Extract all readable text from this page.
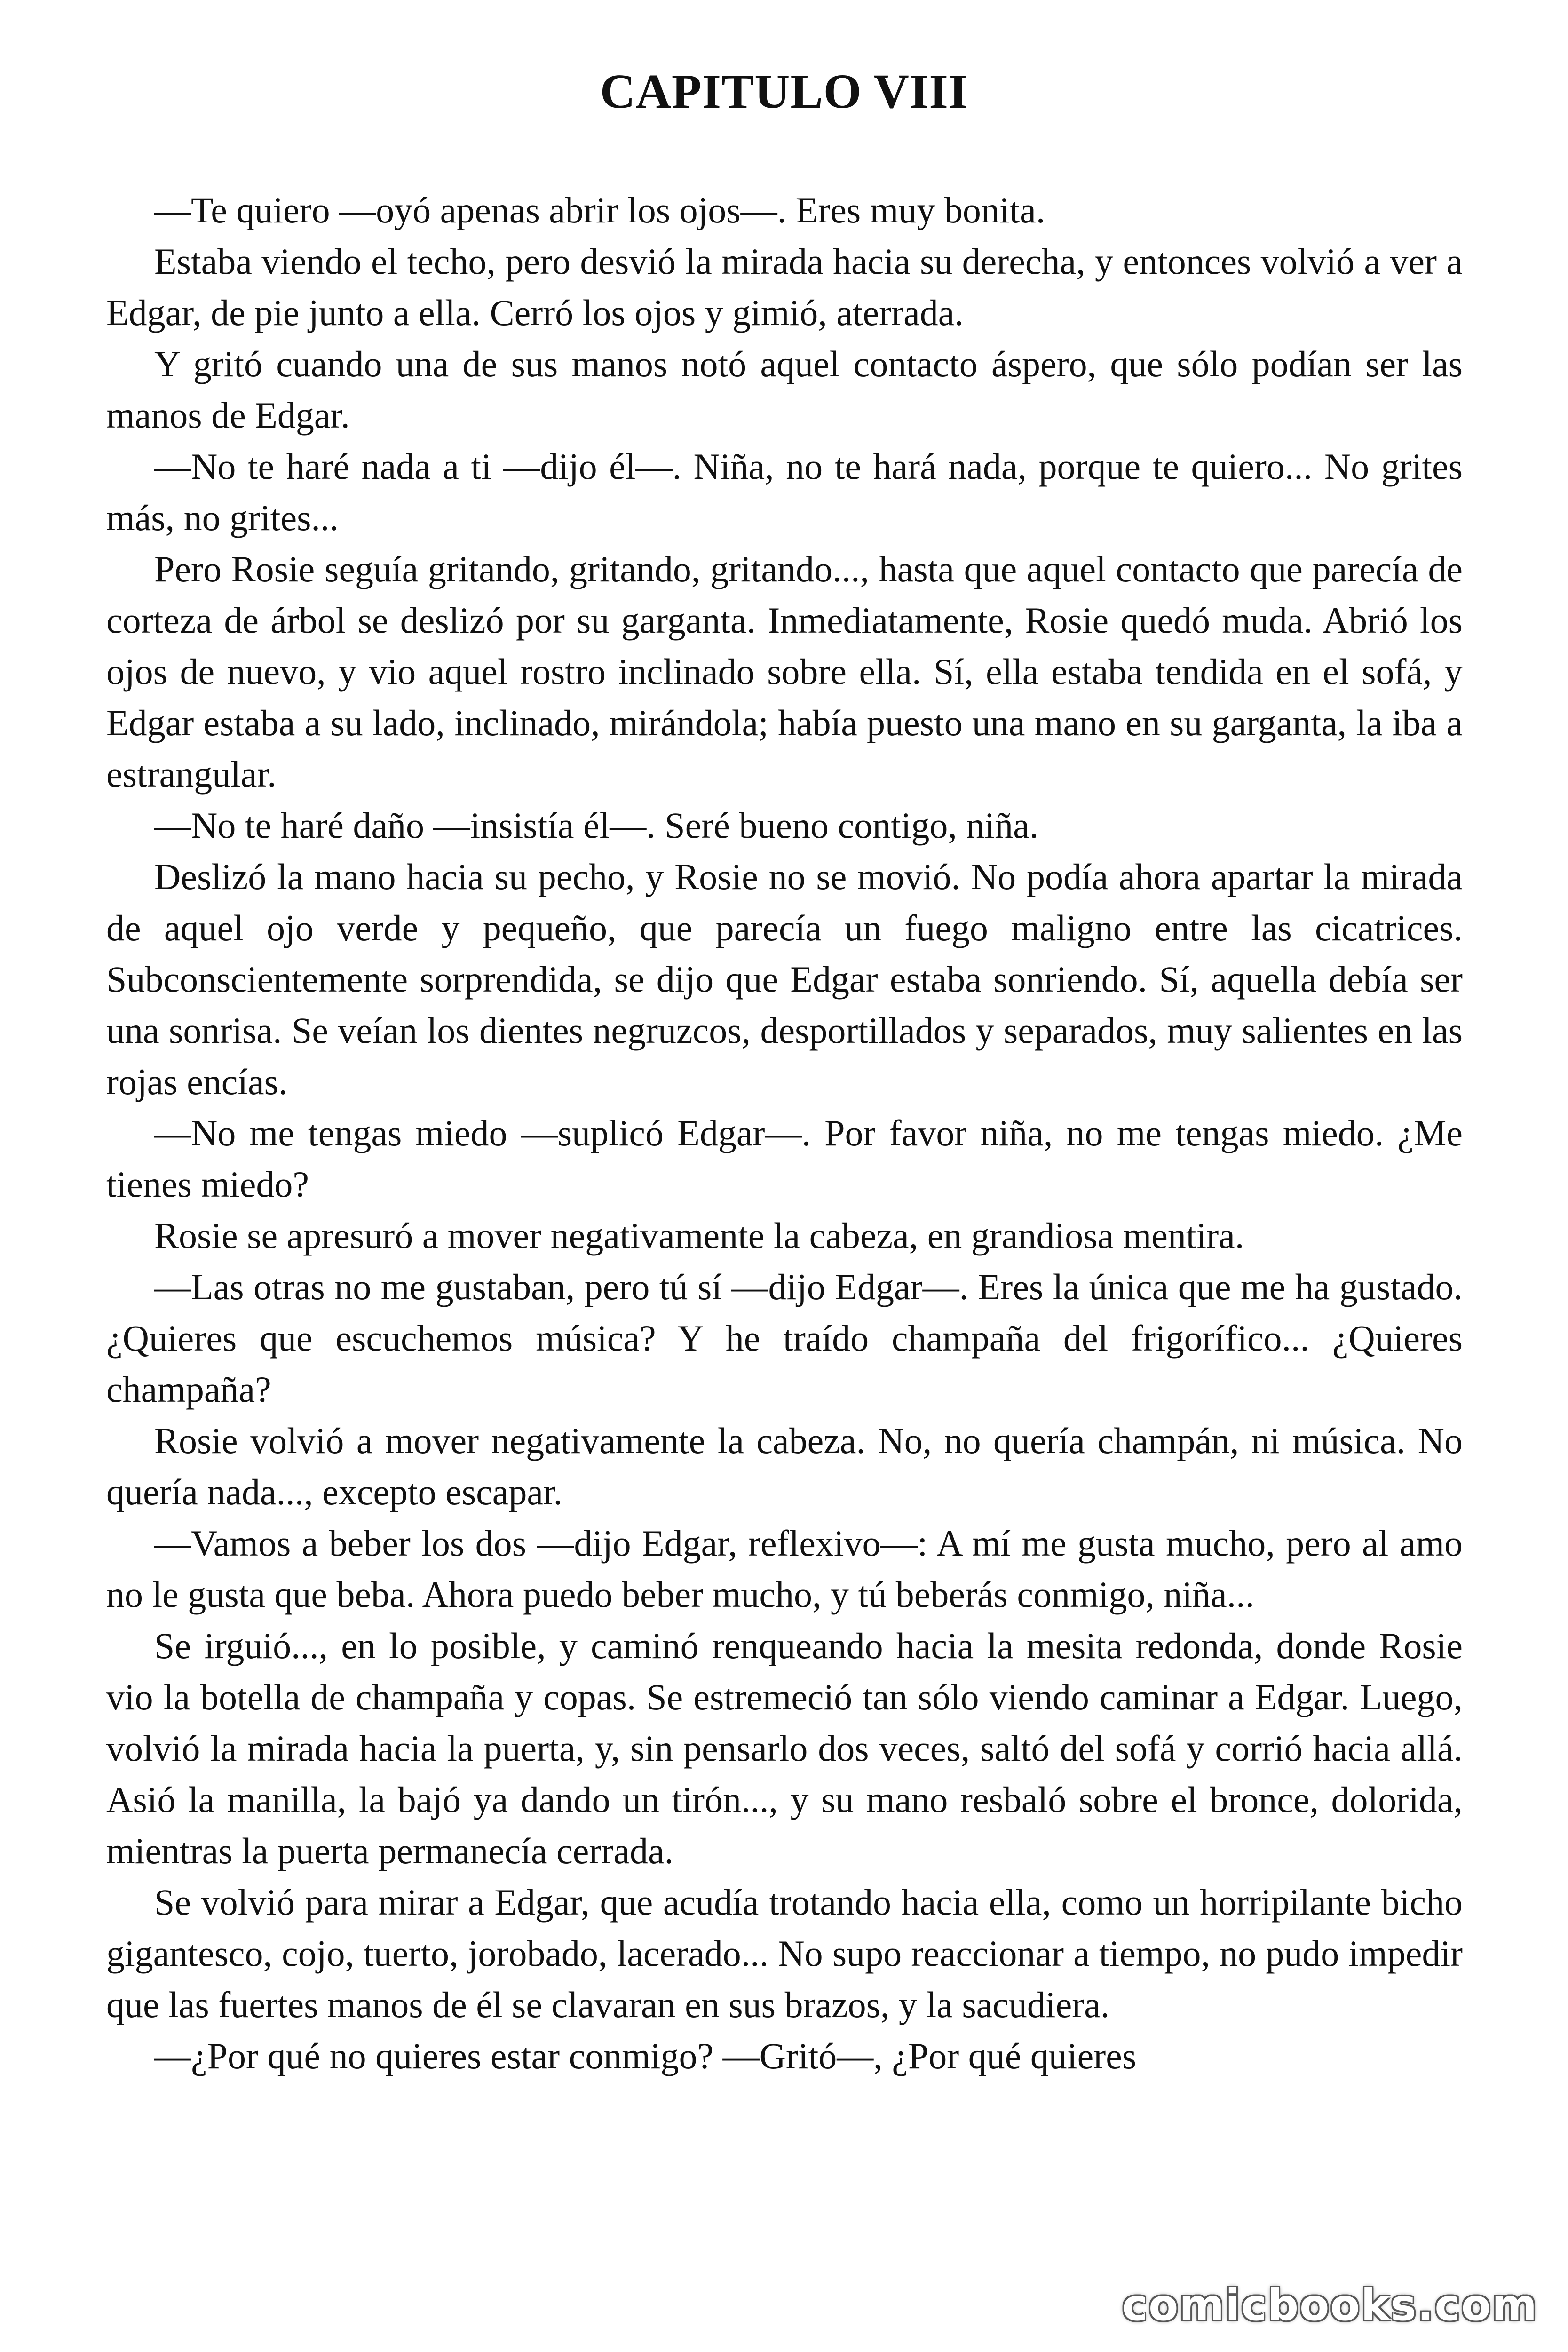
CAPITULO VIII

—Te quiero —oyó apenas abrir los ojos—. Eres muy bonita.

Estaba viendo el techo, pero desvió la mirada hacia su derecha, y entonces volvió a ver a Edgar, de pie junto a ella. Cerró los ojos y gimió, aterrada.

Y gritó cuando una de sus manos notó aquel contacto áspero, que sólo podían ser las manos de Edgar.

—No te haré nada a ti —dijo él—. Niña, no te hará nada, porque te quiero... No grites más, no grites...

Pero Rosie seguía gritando, gritando, gritando..., hasta que aquel contacto que parecía de corteza de árbol se deslizó por su garganta. Inmediatamente, Rosie quedó muda. Abrió los ojos de nuevo, y vio aquel rostro inclinado sobre ella. Sí, ella estaba tendida en el sofá, y Edgar estaba a su lado, inclinado, mirándola; había puesto una mano en su garganta, la iba a estrangular.

—No te haré daño —insistía él—. Seré bueno contigo, niña.

Deslizó la mano hacia su pecho, y Rosie no se movió. No podía ahora apartar la mirada de aquel ojo verde y pequeño, que parecía un fuego maligno entre las cicatrices. Subconscientemente sorprendida, se dijo que Edgar estaba sonriendo. Sí, aquella debía ser una sonrisa. Se veían los dientes negruzcos, desportillados y separados, muy salientes en las rojas encías.

—No me tengas miedo —suplicó Edgar—. Por favor niña, no me tengas miedo. ¿Me tienes miedo?

Rosie se apresuró a mover negativamente la cabeza, en grandiosa mentira.

—Las otras no me gustaban, pero tú sí —dijo Edgar—. Eres la única que me ha gustado. ¿Quieres que escuchemos música? Y he traído champaña del frigorífico... ¿Quieres champaña?

Rosie volvió a mover negativamente la cabeza. No, no quería champán, ni música. No quería nada..., excepto escapar.

—Vamos a beber los dos —dijo Edgar, reflexivo—: A mí me gusta mucho, pero al amo no le gusta que beba. Ahora puedo beber mucho, y tú beberás conmigo, niña...

Se irguió..., en lo posible, y caminó renqueando hacia la mesita redonda, donde Rosie vio la botella de champaña y copas. Se estremeció tan sólo viendo caminar a Edgar. Luego, volvió la mirada hacia la puerta, y, sin pensarlo dos veces, saltó del sofá y corrió hacia allá. Asió la manilla, la bajó ya dando un tirón..., y su mano resbaló sobre el bronce, dolorida, mientras la puerta permanecía cerrada.

Se volvió para mirar a Edgar, que acudía trotando hacia ella, como un horripilante bicho gigantesco, cojo, tuerto, jorobado, lacerado... No supo reaccionar a tiempo, no pudo impedir que las fuertes manos de él se clavaran en sus brazos, y la sacudiera.

—¿Por qué no quieres estar conmigo? —Gritó—, ¿Por qué quieres

comicbooks.com
